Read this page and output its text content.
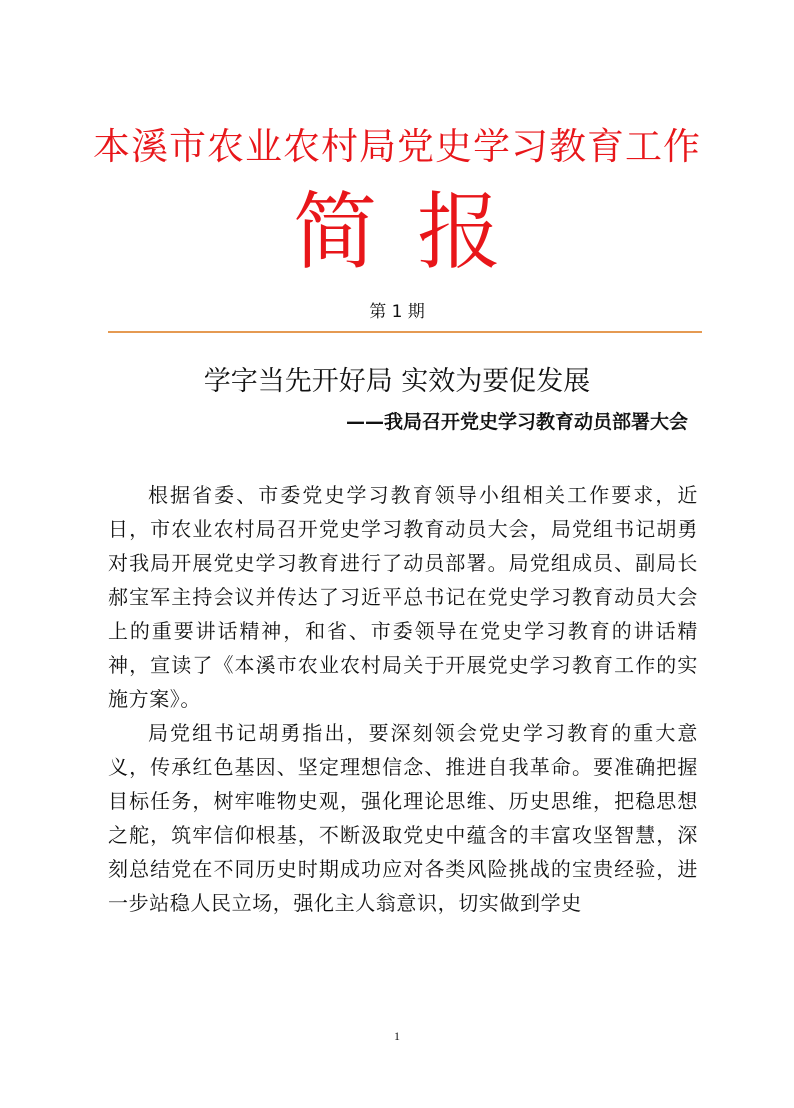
本溪市农业农村局党史学习教育工作
简报
第 1 期
学字当先开好局 实效为要促发展
——我局召开党史学习教育动员部署大会

根据省委、市委党史学习教育领导小组相关工作要求，近日，市农业农村局召开党史学习教育动员大会，局党组书记胡勇对我局开展党史学习教育进行了动员部署。局党组成员、副局长郝宝军主持会议并传达了习近平总书记在党史学习教育动员大会上的重要讲话精神，和省、市委领导在党史学习教育的讲话精神，宣读了《本溪市农业农村局关于开展党史学习教育工作的实施方案》。

局党组书记胡勇指出，要深刻领会党史学习教育的重大意义，传承红色基因、坚定理想信念、推进自我革命。要准确把握目标任务，树牢唯物史观，强化理论思维、历史思维，把稳思想之舵，筑牢信仰根基，不断汲取党史中蕴含的丰富攻坚智慧，深刻总结党在不同历史时期成功应对各类风险挑战的宝贵经验，进一步站稳人民立场，强化主人翁意识，切实做到学史

1
